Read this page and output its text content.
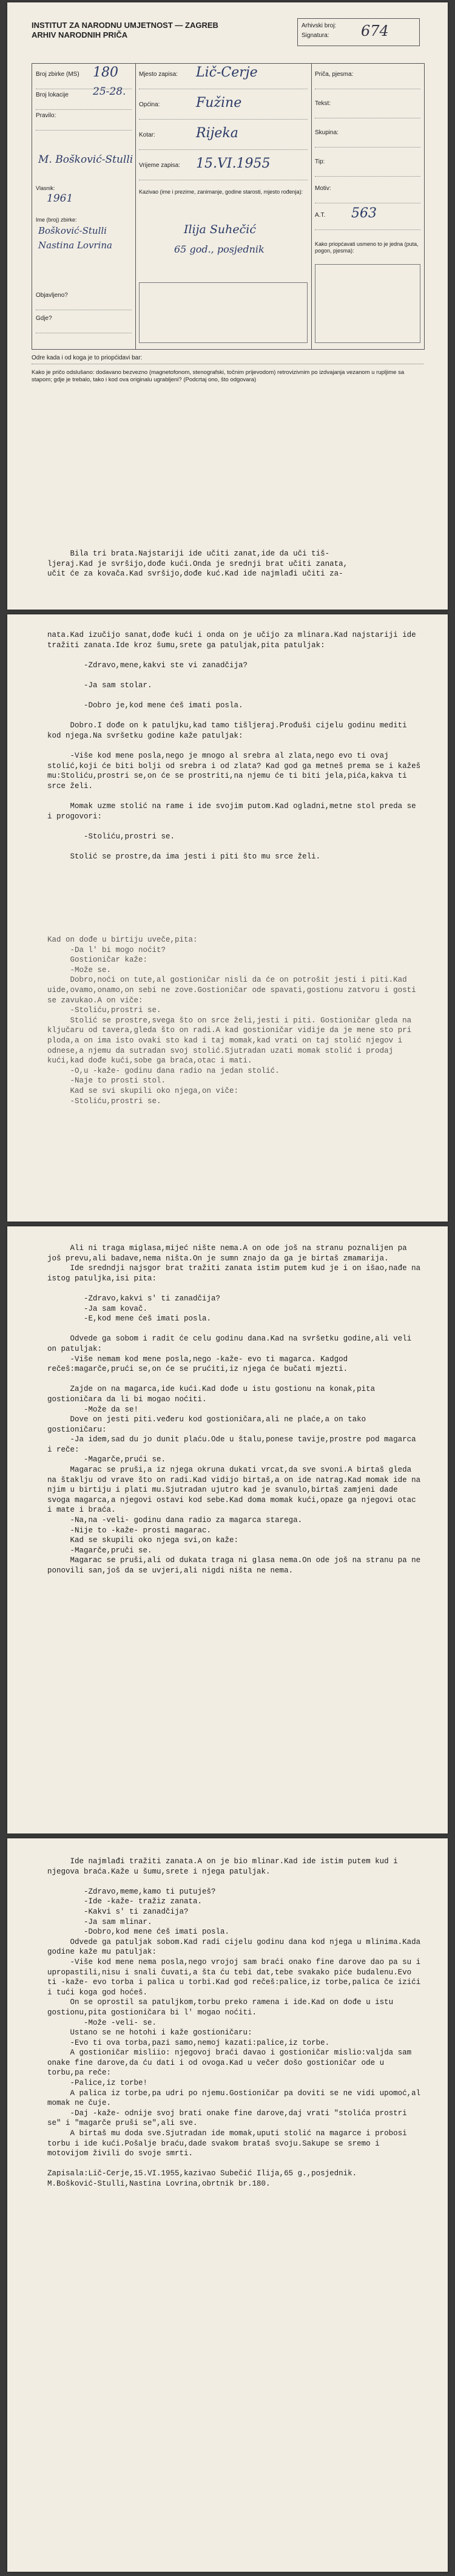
INSTITUT ZA NARODNU UMJETNOST — ZAGREB
ARHIV NARODNIH PRIČA
Arhivski broj:
Signatura: 674
Broj zbirke (MS) 180
Broj lokacije 25-28.
Pravilo:
M. Bošković-Stulli
Vlasnik:
1961
Ime (broj) zbirke:
Bošković-Stulli
Nastina Lovrina
Objavljeno?
Gdje?
Mjesto zapisa: Lič-Cerje
Općina:	Fužine
Kotar:	Rijeka
Vrijeme zapisa: 15.VI.1955
Kazivao (ime i prezime, zanimanje, godine starosti, mjesto rođenja):
Ilija Suhečić
65 god., posjednik
Priča, pjesma:
Tekst:
Skupina:
Tip:
Motiv:
A.T. 563
Kako priopćavati usmeno to je jedna (puta, pogon, pjesma):
Odre kada i od koga je to priopćidavi bar:
Kako je pričo odslušano: dodavano bezvezno (magnetofonom, stenografski, točnim prijevodom) retrovizivnim po izdvajanja vezanom u rupljime sa stapom; gdje je trebalo, tako i kod ova originalu ugrabljeni? (Podcrtaj ono, što odgovara)

Bila tri brata.Najstariji ide učiti zanat,ide da uči tiš-

ljeraj.Kad je svršijo,dođe kući.Onda je srednji brat učiti zanata,

učit će za kovača.Kad svršijo,dođe kuć.Kad ide najmlađi učiti za-

nata.Kad izučijo sanat,dođe kući i onda on je učijo za mlinara.Kad najstariji ide tražiti zanata.Ide kroz šumu,srete ga patuljak,pita patuljak:

-Zdravo,mene,kakvi ste vi zanadčija?

-Ja sam stolar.

-Dobro je,kod mene ćeš imati posla.

Dobro.I dođe on k patuljku,kad tamo tišljeraj.Prođuši cijelu godinu mediti kod njega.Na svršetku godine kaže patuljak:

-Više kod mene posla,nego je mnogo al srebra al zlata,nego evo ti ovaj stolić,koji će biti bolji od srebra i od zlata? Kad god ga metneš prema se i kažeš mu:Stoliću,prostri se,on će se prostriti,na njemu će ti biti jela,pića,kakva ti srce želi.

Momak uzme stolić na rame i ide svojim putom.Kad ogladni,metne stol preda se i progovori:

-Stoliću,prostri se.

Stolić se prostre,da ima jesti i piti što mu srce želi.

Kad on dođe u birtiju uveče,pita:

-Da l' bi mogo noćit?

Gostioničar kaže:

-Može se.

Dobro,noći on tute,al gostioničar nisli da će on potrošit jesti i piti.Kad uide,ovamo,onamo,on sebi ne zove.Gostioničar ode spavati,gostionu zatvoru i gosti se zavukao.A on viče:

-Stoliću,prostri se.

Stolić se prostre,svega što on srce želi,jesti i piti. Gostioničar gleda na ključaru od tavera,gleda što on radi.A kad gostioničar vidije da je mene sto pri ploda,a on ima isto ovaki sto kad i taj momak,kad vrati on taj stolić njegov i odnese,a njemu da sutradan svoj stolić.Sjutradan uzati momak stolić i prodaj kući,kad dođe kući,sobe ga braća,otac i mati.

-O,u -kaže- godinu dana radio na jedan stolić.

-Naje to prosti stol.

Kad se svi skupili oko njega,on viče:

-Stoliću,prostri se.

Ali ni traga miglasa,mijeć nište nema.A on ode još na stranu poznalijen pa još prevu,ali badave,nema ništa.On je sumn znajo da ga je birtaš zmamarija.

Ide sredndji najsgor brat tražiti zanata istim putem kud je i on išao,nađe na istog patuljka,isi pita:

-Zdravo,kakvi s' ti zanadčija?

-Ja sam kovač.

-E,kod mene ćeš imati posla.

Odvede ga sobom i radit će celu godinu dana.Kad na svršetku godine,ali veli on patuljak:

-Više nemam kod mene posla,nego -kaže- evo ti magarca. Kadgod rečeš:magarče,prući se,on će se prućiti,iz njega će bučati mjezti.

Zajde on na magarca,ide kući.Kad dođe u istu gostionu na konak,pita gostioničara da li bi mogao noćiti.

-Može da se!

Dove on jesti piti.veđeru kod gostioničara,ali ne plaće,a on tako gostioničaru:

-Ja idem,sad du jo dunit plaću.Ode u štalu,ponese tavije,prostre pod magarca i reče:

-Magarče,prući se.

Magarac se pruši,a iz njega okruna dukati vrcat,da sve svoni.A birtaš gleda na štaklju od vrave što on radi.Kad vidijo birtaš,a on ide natrag.Kad momak ide na njim u birtiju i plati mu.Sjutradan ujutro kad je svanulo,birtaš zamjeni dade svoga magarca,a njegovi ostavi kod sebe.Kad doma momak kući,opaze ga njegovi otac i mate i braća.

-Na,na -veli- godinu dana radio za magarca starega.

-Nije to -kaže- prosti magarac.

Kad se skupili oko njega svi,on kaže:

-Magarče,pruči se.

Magarac se pruši,ali od dukata traga ni glasa nema.On ode još na stranu pa ne ponovili san,još da se uvjeri,ali nigdi ništa ne nema.

Ide najmlađi tražiti zanata.A on je bio mlinar.Kad ide istim putem kud i njegova braća.Kaže u šumu,srete i njega patuljak.

-Zdravo,meme,kamo ti putuješ?

-Ide -kaže- tražiz zanata.

-Kakvi s' ti zanadčija?

-Ja sam mlinar.

-Dobro,kod mene ćeš imati posla.

Odvede ga patuljak sobom.Kad radi cijelu godinu dana kod njega u mlinima.Kada godine kaže mu patuljak:

-Više kod mene nema posla,nego vrojoj sam braći onako fine darove dao pa su i upropastili,nisu i snali čuvati,a šta ću tebi dat,tebe svakako piće budalenu.Evo ti -kaže- evo torba i palica u torbi.Kad god rečeš:palice,iz torbe,palica če izići i tući koga god hoćeš.

On se oprostil sa patuljkom,torbu preko ramena i ide.Kad on dođe u istu gostionu,pita gostioničara bi l' mogao noćiti.

-Može -veli- se.

Ustano se ne hotohi i kaže gostioničaru:

-Evo ti ova torba,pazi samo,nemoj kazati:palice,iz torbe.

A gostioničar misliio: njegovoj braći davao i gostioničar mislio:valjda sam onake fine darove,da ću dati i od ovoga.Kad u večer došo gostioničar ode u torbu,pa reče:

-Palice,iz torbe!

A palica iz torbe,pa udri po njemu.Gostioničar pa doviti se ne vidi upomoć,al momak ne čuje.

-Daj -kaže- odnije svoj brati onake fine darove,daj vrati "stolića prostri se" i "magarče pruši se",ali sve.

A birtaš mu doda sve.Sjutradan ide momak,uputi stolić na magarce i probosi torbu i ide kući.Pošalje braću,dade svakom brataš svoju.Sakupe se sremo i motovijom živili do svoje smrti.

Zapisala:Lič-Cerje,15.VI.1955,kazivao Subečić Ilija,65 g.,posjednik.

M.Bošković-Stulli,Nastina Lovrina,obrtnik br.180.
